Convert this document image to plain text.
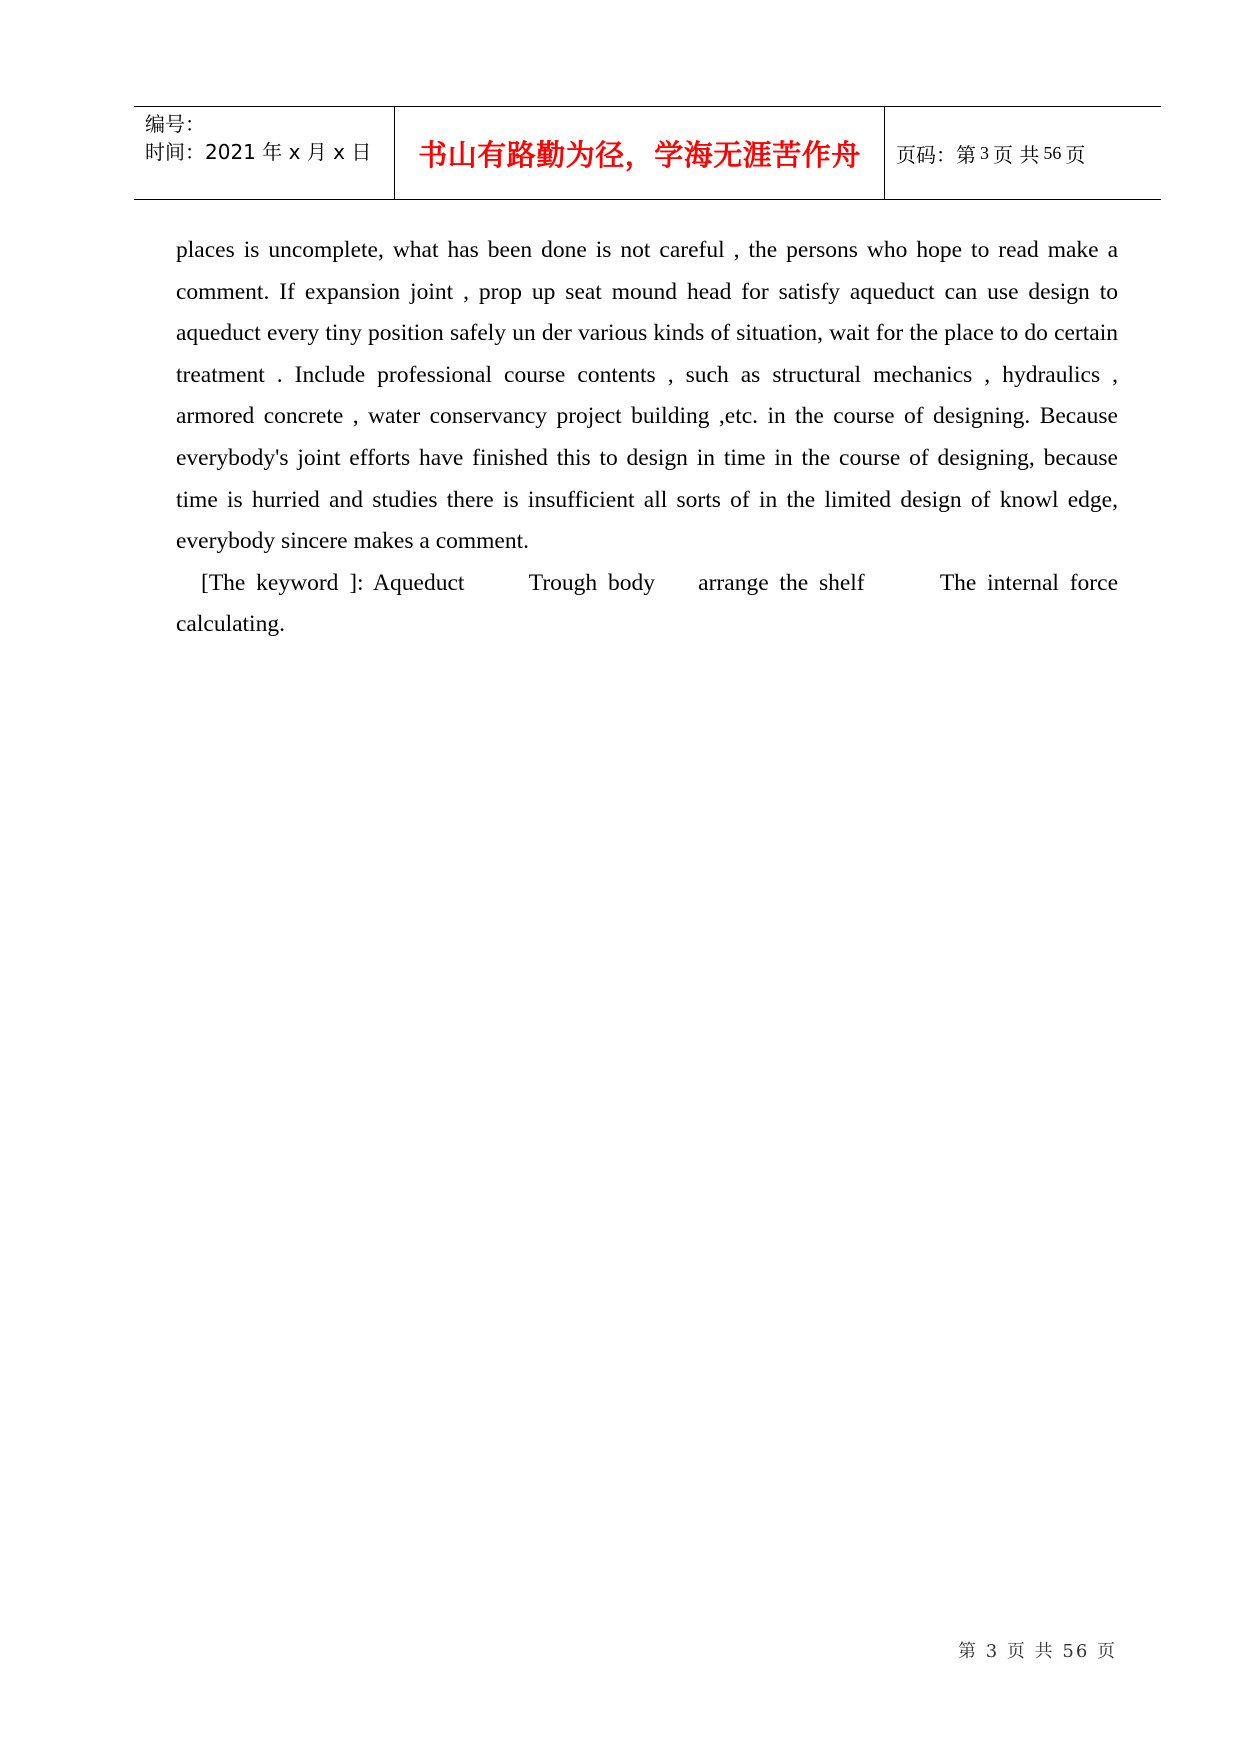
编号：
时间：2021 年 x 月 x 日	书山有路勤为径，学海无涯苦作舟 页码：第 3 页 共 56 页

places is uncomplete, what has been done is not careful , the persons who hope to read make a comment. If expansion joint , prop up seat mound head for satisfy aqueduct can use design to aqueduct every tiny position safely un der various kinds of situation, wait for the place to do certain treatment . Include professional course contents , such as structural mechanics , hydraulics , armored concrete , water conservancy project building ,etc. in the course of designing. Because everybody's joint efforts have finished this to design in time in the course of designing, because time is hurried and studies there is insufficient all sorts of in the limited design of knowl edge, everybody sincere makes a comment.

[The keyword ]: Aqueduct      Trough body    arrange the shelf       The internal force calculating.

第 3 页 共 56 页
